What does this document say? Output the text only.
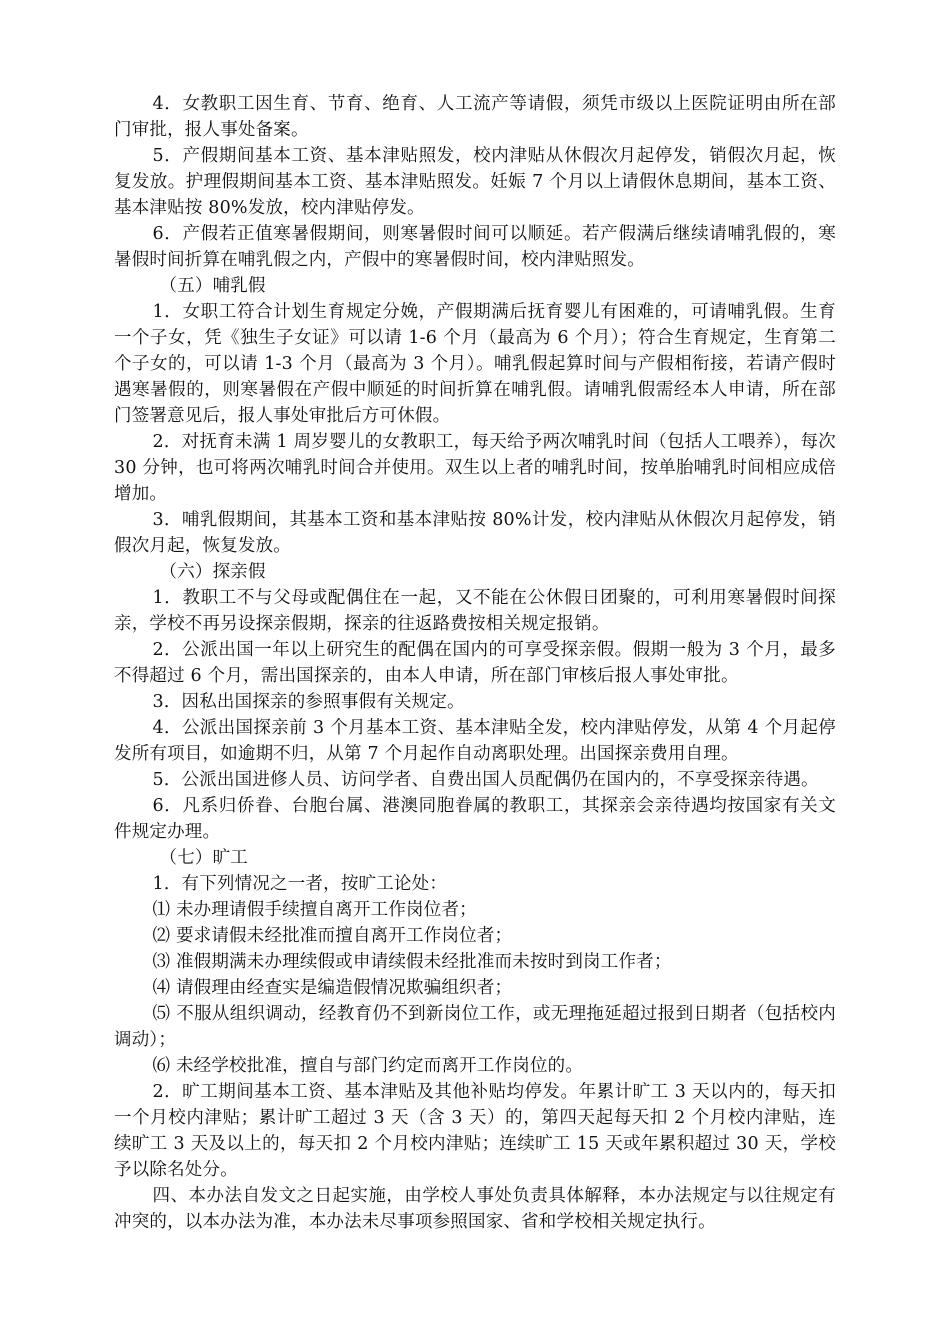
4．女教职工因生育、节育、绝育、人工流产等请假，须凭市级以上医院证明由所在部门审批，报人事处备案。

5．产假期间基本工资、基本津贴照发，校内津贴从休假次月起停发，销假次月起，恢复发放。护理假期间基本工资、基本津贴照发。妊娠 7 个月以上请假休息期间，基本工资、基本津贴按 80%发放，校内津贴停发。

6．产假若正值寒暑假期间，则寒暑假时间可以顺延。若产假满后继续请哺乳假的，寒暑假时间折算在哺乳假之内，产假中的寒暑假时间，校内津贴照发。

（五）哺乳假

1．女职工符合计划生育规定分娩，产假期满后抚育婴儿有困难的，可请哺乳假。生育一个子女，凭《独生子女证》可以请 1-6 个月（最高为 6 个月）；符合生育规定，生育第二个子女的，可以请 1-3 个月（最高为 3 个月）。哺乳假起算时间与产假相衔接，若请产假时遇寒暑假的，则寒暑假在产假中顺延的时间折算在哺乳假。请哺乳假需经本人申请，所在部门签署意见后，报人事处审批后方可休假。

2．对抚育未满 1 周岁婴儿的女教职工，每天给予两次哺乳时间（包括人工喂养），每次 30 分钟，也可将两次哺乳时间合并使用。双生以上者的哺乳时间，按单胎哺乳时间相应成倍增加。

3．哺乳假期间，其基本工资和基本津贴按 80%计发，校内津贴从休假次月起停发，销假次月起，恢复发放。

（六）探亲假

1．教职工不与父母或配偶住在一起，又不能在公休假日团聚的，可利用寒暑假时间探亲，学校不再另设探亲假期，探亲的往返路费按相关规定报销。

2．公派出国一年以上研究生的配偶在国内的可享受探亲假。假期一般为 3 个月，最多不得超过 6 个月，需出国探亲的，由本人申请，所在部门审核后报人事处审批。

3．因私出国探亲的参照事假有关规定。

4．公派出国探亲前 3 个月基本工资、基本津贴全发，校内津贴停发，从第 4 个月起停发所有项目，如逾期不归，从第 7 个月起作自动离职处理。出国探亲费用自理。

5．公派出国进修人员、访问学者、自费出国人员配偶仍在国内的，不享受探亲待遇。

6．凡系归侨眷、台胞台属、港澳同胞眷属的教职工，其探亲会亲待遇均按国家有关文件规定办理。

（七）旷工

1．有下列情况之一者，按旷工论处：

⑴ 未办理请假手续擅自离开工作岗位者；

⑵ 要求请假未经批准而擅自离开工作岗位者；

⑶ 准假期满未办理续假或申请续假未经批准而未按时到岗工作者；

⑷ 请假理由经查实是编造假情况欺骗组织者；

⑸ 不服从组织调动，经教育仍不到新岗位工作，或无理拖延超过报到日期者（包括校内调动）；

⑹ 未经学校批准，擅自与部门约定而离开工作岗位的。

2．旷工期间基本工资、基本津贴及其他补贴均停发。年累计旷工 3 天以内的，每天扣一个月校内津贴；累计旷工超过 3 天（含 3 天）的，第四天起每天扣 2 个月校内津贴，连续旷工 3 天及以上的，每天扣 2 个月校内津贴；连续旷工 15 天或年累积超过 30 天，学校予以除名处分。

四、本办法自发文之日起实施，由学校人事处负责具体解释，本办法规定与以往规定有冲突的，以本办法为准，本办法未尽事项参照国家、省和学校相关规定执行。
